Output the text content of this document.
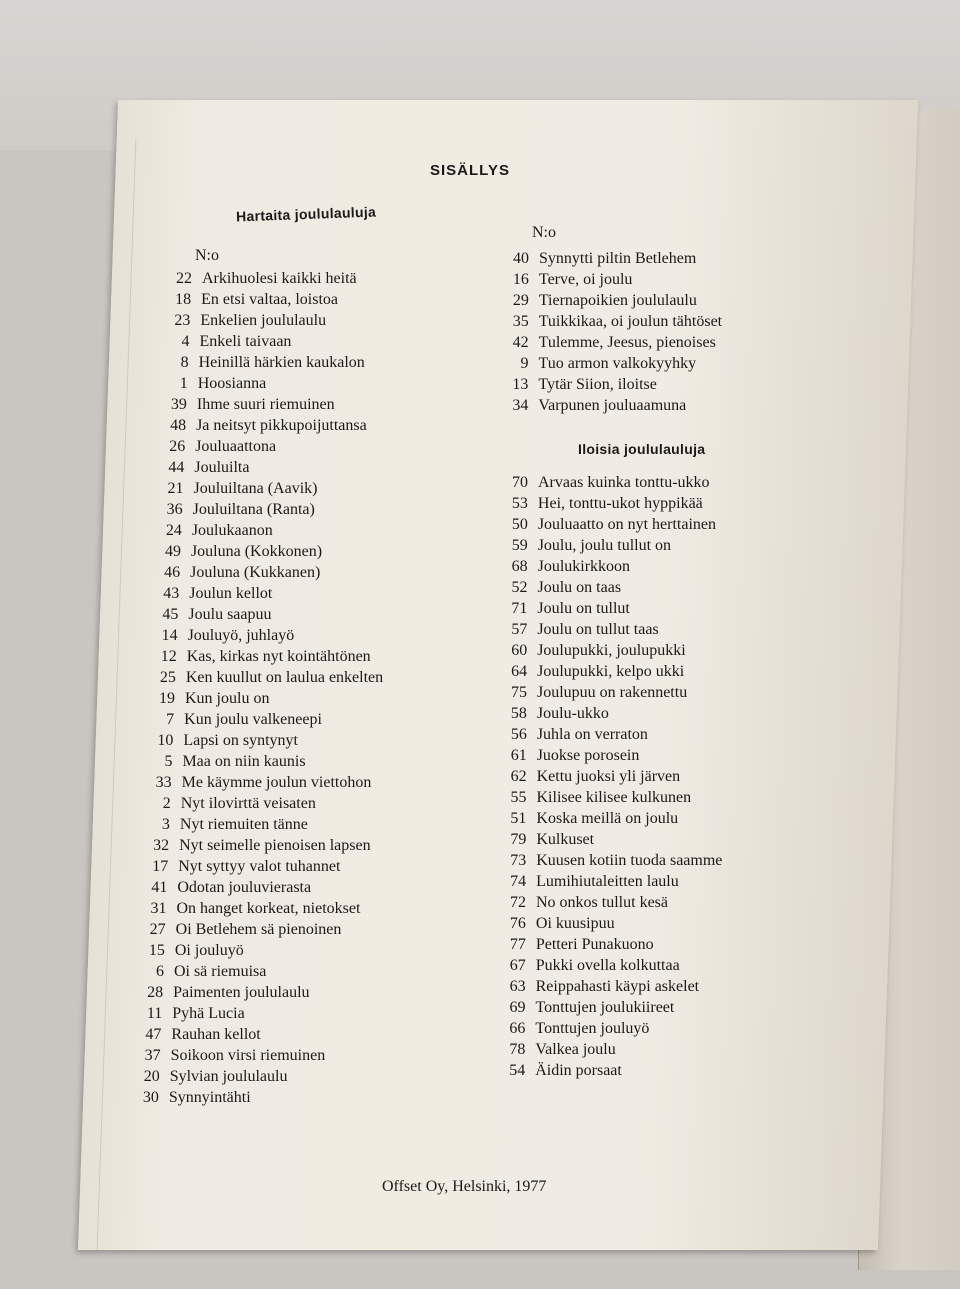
SISÄLLYS
Hartaita joululauluja
N:o
22 Arkihuolesi kaikki heitä
18 En etsi valtaa, loistoa
23 Enkelien joululaulu
4 Enkeli taivaan
8 Heinillä härkien kaukalon
1 Hoosianna
39 Ihme suuri riemuinen
48 Ja neitsyt pikkupoijuttansa
26 Jouluaattona
44 Jouluilta
21 Jouluiltana (Aavik)
36 Jouluiltana (Ranta)
24 Joulukaanon
49 Jouluna (Kokkonen)
46 Jouluna (Kukkanen)
43 Joulun kellot
45 Joulu saapuu
14 Jouluyö, juhlayö
12 Kas, kirkas nyt kointähtönen
25 Ken kuullut on laulua enkelten
19 Kun joulu on
7 Kun joulu valkeneepi
10 Lapsi on syntynyt
5 Maa on niin kaunis
33 Me käymme joulun viettohon
2 Nyt ilovirttä veisaten
3 Nyt riemuiten tänne
32 Nyt seimelle pienoisen lapsen
17 Nyt syttyy valot tuhannet
41 Odotan jouluvierasta
31 On hanget korkeat, nietokset
27 Oi Betlehem sä pienoinen
15 Oi jouluyö
6 Oi sä riemuisa
28 Paimenten joululaulu
11 Pyhä Lucia
47 Rauhan kellot
37 Soikoon virsi riemuinen
20 Sylvian joululaulu
30 Synnyintähti
N:o
40 Synnytti piltin Betlehem
16 Terve, oi joulu
29 Tiernapoikien joululaulu
35 Tuikkikaa, oi joulun tähtöset
42 Tulemme, Jeesus, pienoises
9 Tuo armon valkokyyhky
13 Tytär Siion, iloitse
34 Varpunen jouluaamuna
Iloisia joululauluja
70 Arvaas kuinka tonttu-ukko
53 Hei, tonttu-ukot hyppikää
50 Jouluaatto on nyt herttainen
59 Joulu, joulu tullut on
68 Joulukirkkoon
52 Joulu on taas
71 Joulu on tullut
57 Joulu on tullut taas
60 Joulupukki, joulupukki
64 Joulupukki, kelpo ukki
75 Joulupuu on rakennettu
58 Joulu-ukko
56 Juhla on verraton
61 Juokse porosein
62 Kettu juoksi yli järven
55 Kilisee kilisee kulkunen
51 Koska meillä on joulu
79 Kulkuset
73 Kuusen kotiin tuoda saamme
74 Lumihiutaleitten laulu
72 No onkos tullut kesä
76 Oi kuusipuu
77 Petteri Punakuono
67 Pukki ovella kolkuttaa
63 Reippahasti käypi askelet
69 Tonttujen joulukiireet
66 Tonttujen jouluyö
78 Valkea joulu
54 Äidin porsaat
Offset Oy, Helsinki, 1977
